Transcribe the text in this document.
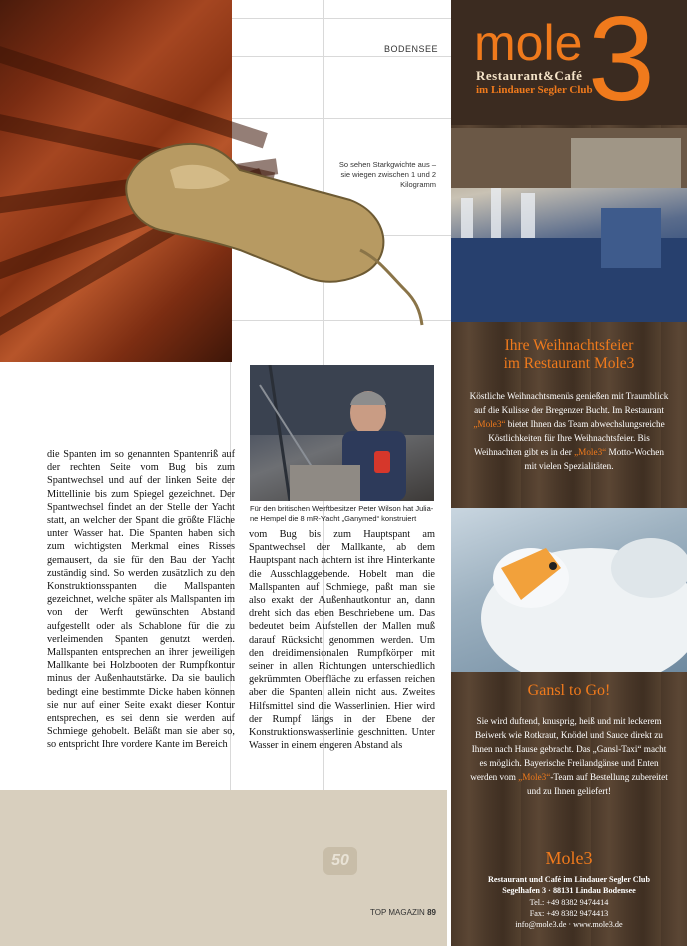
BODENSEE
So sehen Starkgwichte aus – sie wiegen zwischen 1 und 2 Kilogramm
Für den britischen Werftbesitzer Peter Wilson hat Julia-ne Hempel die 8 mR-Yacht „Ganymed“ konstruiert
die Spanten im so genannten Spantenriß auf der rechten Seite vom Bug bis zum Spantwechsel und auf der linken Seite der Mittellinie bis zum Spiegel gezeichnet. Der Spantwechsel findet an der Stelle der Yacht statt, an welcher der Spant die größte Fläche unter Wasser hat. Die Spanten haben sich zum wichtigsten Merkmal eines Risses gemausert, da sie für den Bau der Yacht zuständig sind. So werden zusätzlich zu den Konstruktionsspanten die Mallspanten gezeichnet, welche später als Mallspanten im von der Werft gewünschten Abstand aufgestellt oder als Schablone für die zu verleimenden Spanten genutzt werden. Mallspanten entsprechen an ihrer jeweiligen Mallkante bei Holzbooten der Rumpfkontur minus der Außenhautstärke. Da sie baulich bedingt eine bestimmte Dicke haben können sie nur auf einer Seite exakt dieser Kontur entsprechen, es sei denn sie werden auf Schmiege gehobelt. Beläßt man sie aber so, so entspricht Ihre vordere Kante im Bereich
vom Bug bis zum Hauptspant am Spantwechsel der Mallkante, ab dem Hauptspant nach achtern ist ihre Hinterkante die Ausschlaggebende. Hobelt man die Mallspanten auf Schmiege, paßt man sie also exakt der Außenhautkontur an, dann dreht sich das eben Beschriebene um. Das bedeutet beim Aufstellen der Mallen muß darauf Rücksicht genommen werden. Um den dreidimensionalen Rumpfkörper mit seiner in allen Richtungen unterschiedlich gekrümmten Oberfläche zu erfassen reichen aber die Spanten allein nicht aus. Zweites Hilfsmittel sind die Wasserlinien. Hier wird der Rumpf längs in der Ebene der Konstruktionswasserlinie geschnitten. Unter Wasser in einem engeren Abstand als
50
TOP MAGAZIN 89
mole 3
Restaurant&Café
im Lindauer Segler Club
Ihre Weihnachtsfeier
im Restaurant Mole3
Köstliche Weihnachtsmenüs genießen mit Traumblick auf die Kulisse der Bregenzer Bucht. Im Restaurant „Mole3“ bietet Ihnen das Team abwechslungsreiche Köstlichkeiten für Ihre Weihnachtsfeier. Bis Weihnachten gibt es in der „Mole3“ Motto-Wochen mit vielen Spezialitäten.
Gansl to Go!
Sie wird duftend, knusprig, heiß und mit leckerem Beiwerk wie Rotkraut, Knödel und Sauce direkt zu Ihnen nach Hause gebracht. Das „Gansl-Taxi“ macht es möglich. Bayerische Freilandgänse und Enten werden vom „Mole3“-Team auf Bestellung zubereitet und zu Ihnen geliefert!
Mole3
Restaurant und Café im Lindauer Segler Club
Segelhafen 3 · 88131 Lindau Bodensee
Tel.: +49 8382 9474414
Fax: +49 8382 9474413
info@mole3.de · www.mole3.de
